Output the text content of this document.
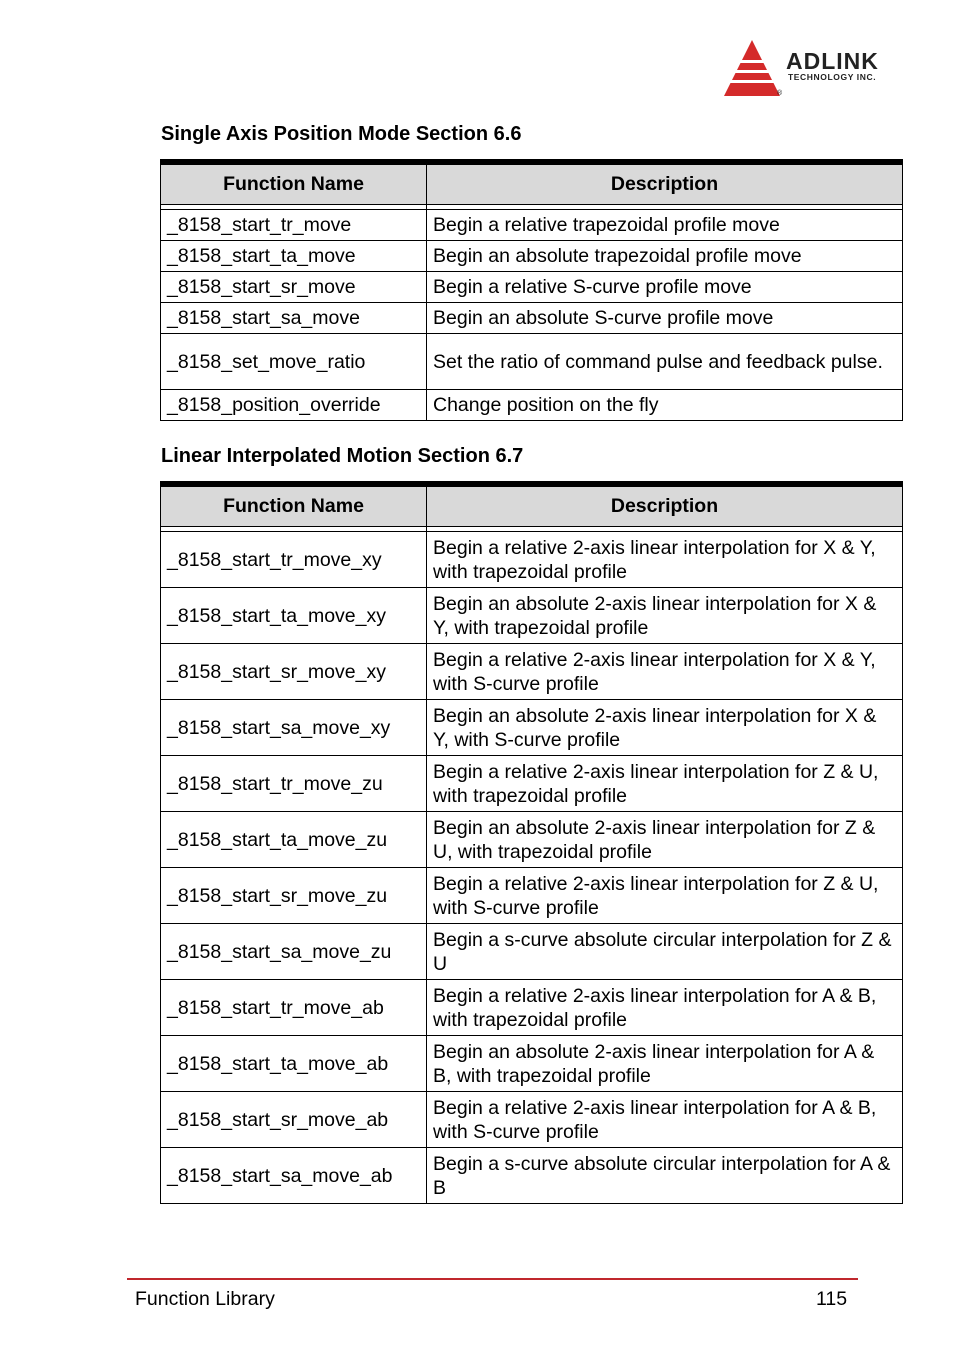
ADLINK
TECHNOLOGY INC.
®
Single Axis Position Mode Section 6.6
Function Name	Description

_8158_start_tr_move	Begin a relative trapezoidal profile move
_8158_start_ta_move	Begin an absolute trapezoidal profile move
_8158_start_sr_move	Begin a relative S-curve profile move
_8158_start_sa_move	Begin an absolute S-curve profile move
_8158_set_move_ratio	Set the ratio of command pulse and feedback pulse.
_8158_position_override	Change position on the fly
Linear Interpolated Motion Section 6.7
Function Name	Description

_8158_start_tr_move_xy	Begin a relative 2-axis linear interpolation for X & Y, with trapezoidal profile
_8158_start_ta_move_xy	Begin an absolute 2-axis linear interpolation for X & Y, with trapezoidal profile
_8158_start_sr_move_xy	Begin a relative 2-axis linear interpolation for X & Y, with S-curve profile
_8158_start_sa_move_xy	Begin an absolute 2-axis linear interpolation for X & Y, with S-curve profile
_8158_start_tr_move_zu	Begin a relative 2-axis linear interpolation for Z & U, with trapezoidal profile
_8158_start_ta_move_zu	Begin an absolute 2-axis linear interpolation for Z & U, with trapezoidal profile
_8158_start_sr_move_zu	Begin a relative 2-axis linear interpolation for Z & U, with S-curve profile
_8158_start_sa_move_zu	Begin a s-curve absolute circular interpolation for Z & U
_8158_start_tr_move_ab	Begin a relative 2-axis linear interpolation for A & B, with trapezoidal profile
_8158_start_ta_move_ab	Begin an absolute 2-axis linear interpolation for A & B, with trapezoidal profile
_8158_start_sr_move_ab	Begin a relative 2-axis linear interpolation for A & B, with S-curve profile
_8158_start_sa_move_ab	Begin a s-curve absolute circular interpolation for A & B
Function Library	115
